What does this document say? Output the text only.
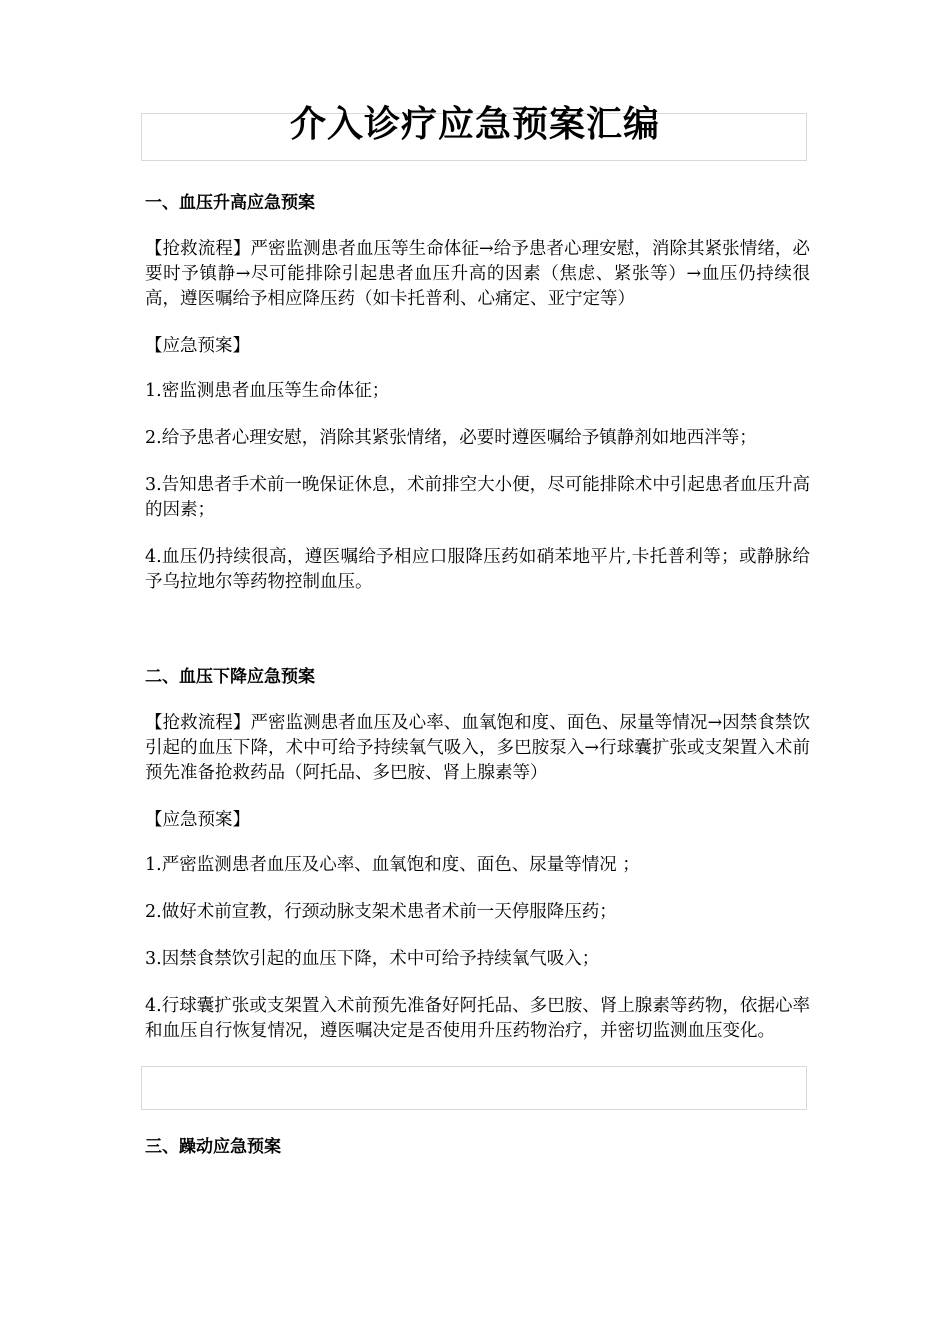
介入诊疗应急预案汇编
一、血压升高应急预案

【抢救流程】严密监测患者血压等生命体征→给予患者心理安慰，消除其紧张情绪，必要时予镇静→尽可能排除引起患者血压升高的因素（焦虑、紧张等）→血压仍持续很高，遵医嘱给予相应降压药（如卡托普利、心痛定、亚宁定等）

【应急预案】

1.密监测患者血压等生命体征；

2.给予患者心理安慰，消除其紧张情绪，必要时遵医嘱给予镇静剂如地西泮等；

3.告知患者手术前一晚保证休息，术前排空大小便，尽可能排除术中引起患者血压升高的因素；

4.血压仍持续很高，遵医嘱给予相应口服降压药如硝苯地平片,卡托普利等；或静脉给予乌拉地尔等药物控制血压。

二、血压下降应急预案

【抢救流程】严密监测患者血压及心率、血氧饱和度、面色、尿量等情况→因禁食禁饮引起的血压下降，术中可给予持续氧气吸入，多巴胺泵入→行球囊扩张或支架置入术前预先准备抢救药品（阿托品、多巴胺、肾上腺素等）

【应急预案】

1.严密监测患者血压及心率、血氧饱和度、面色、尿量等情况 ；

2.做好术前宣教，行颈动脉支架术患者术前一天停服降压药；

3.因禁食禁饮引起的血压下降，术中可给予持续氧气吸入；

4.行球囊扩张或支架置入术前预先准备好阿托品、多巴胺、肾上腺素等药物，依据心率和血压自行恢复情况，遵医嘱决定是否使用升压药物治疗，并密切监测血压变化。

三、躁动应急预案
